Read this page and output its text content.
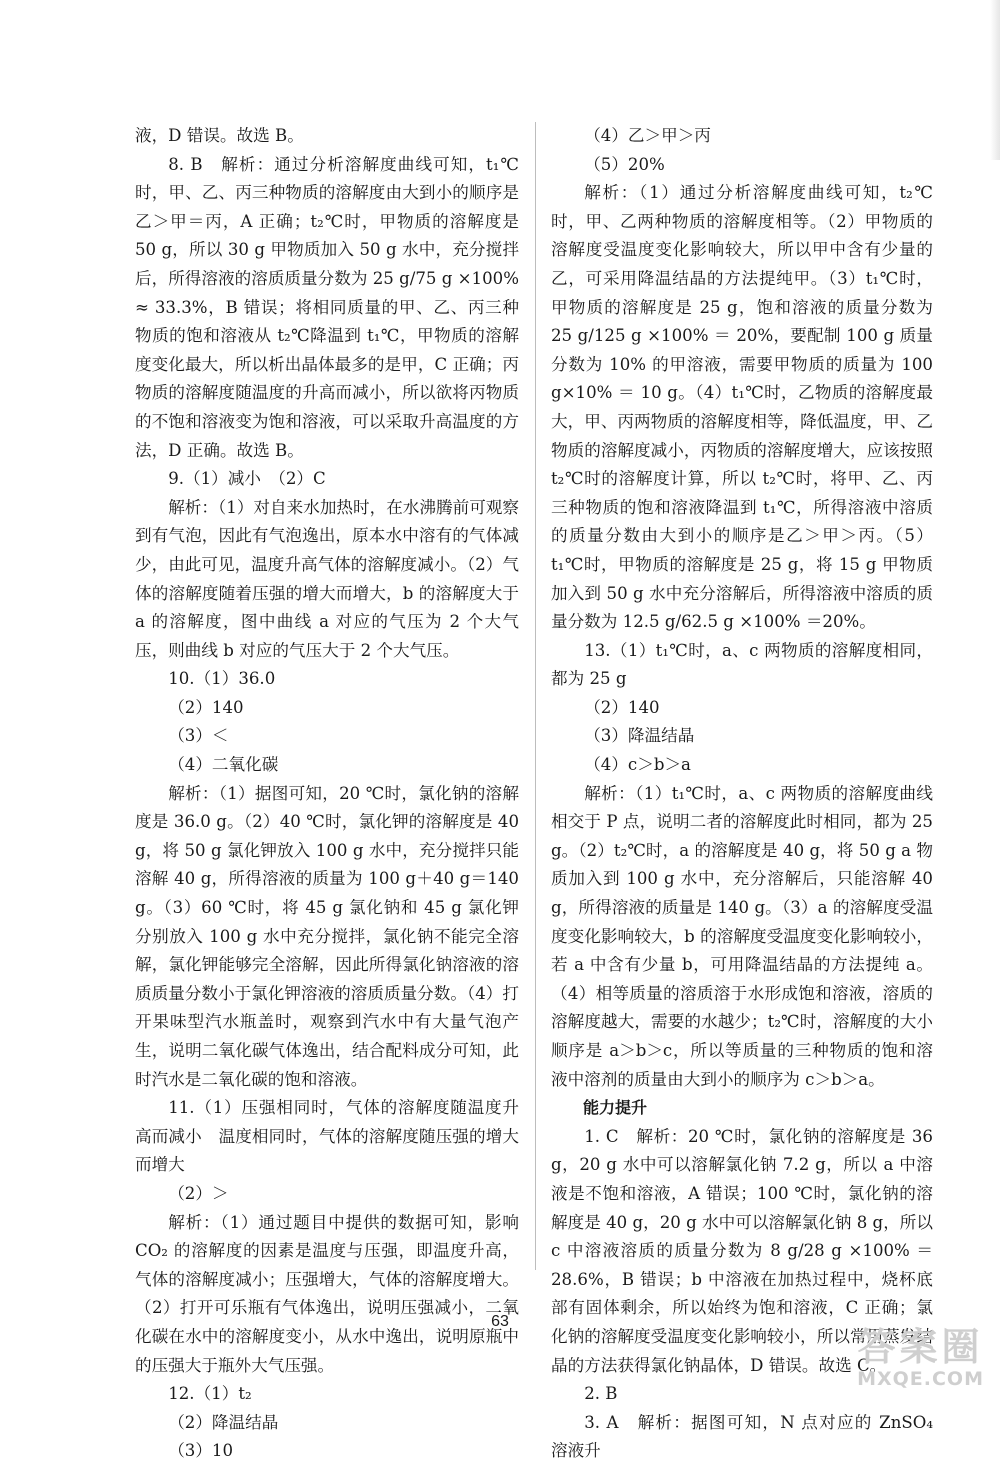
液，D 错误。故选 B。

8. B　解析：通过分析溶解度曲线可知，t₁℃时，甲、乙、丙三种物质的溶解度由大到小的顺序是乙＞甲＝丙，A 正确；t₂℃时，甲物质的溶解度是 50 g，所以 30 g 甲物质加入 50 g 水中，充分搅拌后，所得溶液的溶质质量分数为 25 g/75 g ×100% ≈ 33.3%，B 错误；将相同质量的甲、乙、丙三种物质的饱和溶液从 t₂℃降温到 t₁℃，甲物质的溶解度变化最大，所以析出晶体最多的是甲，C 正确；丙物质的溶解度随温度的升高而减小，所以欲将丙物质的不饱和溶液变为饱和溶液，可以采取升高温度的方法，D 正确。故选 B。

9.（1）减小　（2）C

解析：（1）对自来水加热时，在水沸腾前可观察到有气泡，因此有气泡逸出，原本水中溶有的气体减少，由此可见，温度升高气体的溶解度减小。（2）气体的溶解度随着压强的增大而增大，b 的溶解度大于 a 的溶解度，图中曲线 a 对应的气压为 2 个大气压，则曲线 b 对应的气压大于 2 个大气压。

10.（1）36.0

（2）140

（3）＜

（4）二氧化碳

解析：（1）据图可知，20 ℃时，氯化钠的溶解度是 36.0 g。（2）40 ℃时，氯化钾的溶解度是 40 g，将 50 g 氯化钾放入 100 g 水中，充分搅拌只能溶解 40 g，所得溶液的质量为 100 g＋40 g＝140 g。（3）60 ℃时，将 45 g 氯化钠和 45 g 氯化钾分别放入 100 g 水中充分搅拌，氯化钠不能完全溶解，氯化钾能够完全溶解，因此所得氯化钠溶液的溶质质量分数小于氯化钾溶液的溶质质量分数。（4）打开果味型汽水瓶盖时，观察到汽水中有大量气泡产生，说明二氧化碳气体逸出，结合配料成分可知，此时汽水是二氧化碳的饱和溶液。

11.（1）压强相同时，气体的溶解度随温度升高而减小　温度相同时，气体的溶解度随压强的增大而增大

（2）＞

解析：（1）通过题目中提供的数据可知，影响 CO₂ 的溶解度的因素是温度与压强，即温度升高，气体的溶解度减小；压强增大，气体的溶解度增大。（2）打开可乐瓶有气体逸出，说明压强减小，二氧化碳在水中的溶解度变小，从水中逸出，说明原瓶中的压强大于瓶外大气压强。

12.（1）t₂

（2）降温结晶

（3）10

（4）乙＞甲＞丙

（5）20%

解析：（1）通过分析溶解度曲线可知，t₂℃时，甲、乙两种物质的溶解度相等。（2）甲物质的溶解度受温度变化影响较大，所以甲中含有少量的乙，可采用降温结晶的方法提纯甲。（3）t₁℃时，甲物质的溶解度是 25 g，饱和溶液的质量分数为 25 g/125 g ×100% ＝ 20%，要配制 100 g 质量分数为 10% 的甲溶液，需要甲物质的质量为 100 g×10% ＝ 10 g。（4）t₁℃时，乙物质的溶解度最大，甲、丙两物质的溶解度相等，降低温度，甲、乙物质的溶解度减小，丙物质的溶解度增大，应该按照 t₂℃时的溶解度计算，所以 t₂℃时，将甲、乙、丙三种物质的饱和溶液降温到 t₁℃，所得溶液中溶质的质量分数由大到小的顺序是乙＞甲＞丙。（5）t₁℃时，甲物质的溶解度是 25 g，将 15 g 甲物质加入到 50 g 水中充分溶解后，所得溶液中溶质的质量分数为 12.5 g/62.5 g ×100% ＝20%。

13.（1）t₁℃时，a、c 两物质的溶解度相同，都为 25 g

（2）140

（3）降温结晶

（4）c＞b＞a

解析：（1）t₁℃时，a、c 两物质的溶解度曲线相交于 P 点，说明二者的溶解度此时相同，都为 25 g。（2）t₂℃时，a 的溶解度是 40 g，将 50 g a 物质加入到 100 g 水中，充分溶解后，只能溶解 40 g，所得溶液的质量是 140 g。（3）a 的溶解度受温度变化影响较大，b 的溶解度受温度变化影响较小，若 a 中含有少量 b，可用降温结晶的方法提纯 a。（4）相等质量的溶质溶于水形成饱和溶液，溶质的溶解度越大，需要的水越少；t₂℃时，溶解度的大小顺序是 a＞b＞c，所以等质量的三种物质的饱和溶液中溶剂的质量由大到小的顺序为 c＞b＞a。

能力提升

1. C　解析：20 ℃时，氯化钠的溶解度是 36 g，20 g 水中可以溶解氯化钠 7.2 g，所以 a 中溶液是不饱和溶液，A 错误；100 ℃时，氯化钠的溶解度是 40 g，20 g 水中可以溶解氯化钠 8 g，所以 c 中溶液溶质的质量分数为 8 g/28 g ×100% ＝ 28.6%，B 错误；b 中溶液在加热过程中，烧杯底部有固体剩余，所以始终为饱和溶液，C 正确；氯化钠的溶解度受温度变化影响较小，所以常用蒸发结晶的方法获得氯化钠晶体，D 错误。故选 C。

2. B

3. A　解析：据图可知，N 点对应的 ZnSO₄ 溶液升

63
答案圈
MXQE.COM
